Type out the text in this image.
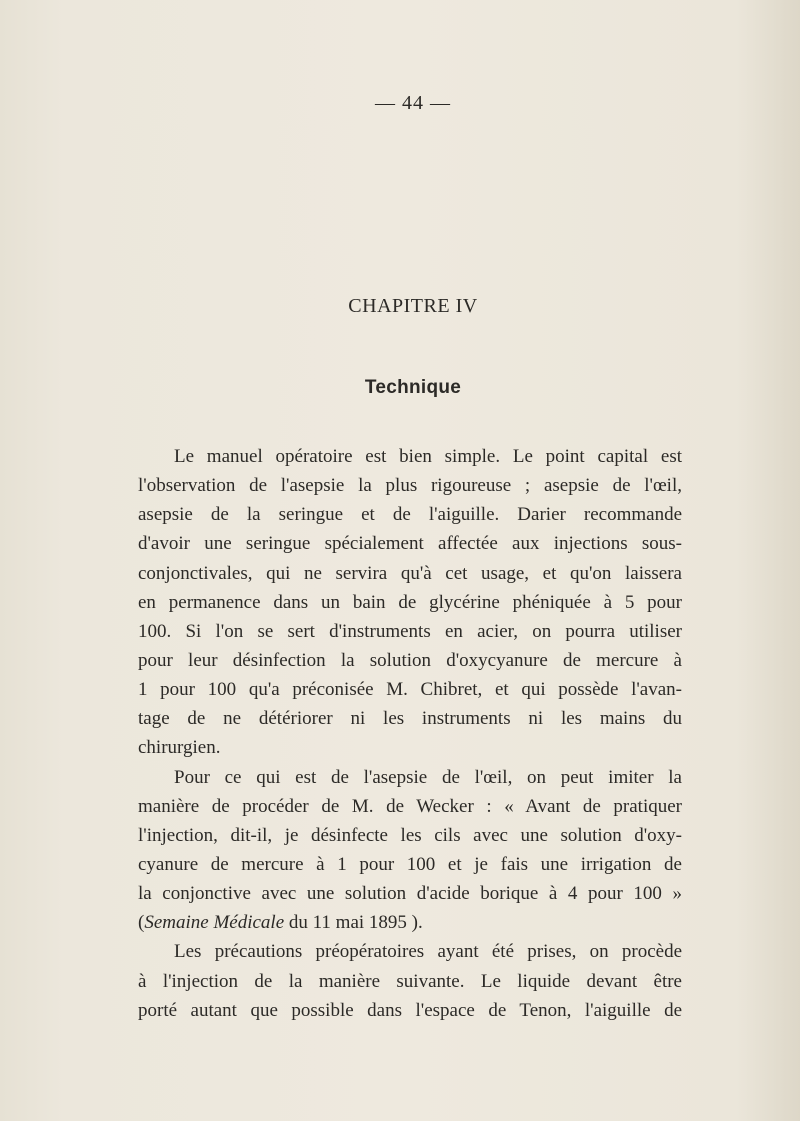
— 44 —
CHAPITRE IV
Technique
Le manuel opératoire est bien simple. Le point capital est
l'observation de l'asepsie la plus rigoureuse ; asepsie de l'œil,
asepsie de la seringue et de l'aiguille. Darier recommande
d'avoir une seringue spécialement affectée aux injections sous-
conjonctivales, qui ne servira qu'à cet usage, et qu'on laissera
en permanence dans un bain de glycérine phéniquée à 5 pour
100. Si l'on se sert d'instruments en acier, on pourra utiliser
pour leur désinfection la solution d'oxycyanure de mercure à
1 pour 100 qu'a préconisée M. Chibret, et qui possède l'avan-
tage de ne détériorer ni les instruments ni les mains du
chirurgien.
Pour ce qui est de l'asepsie de l'œil, on peut imiter la
manière de procéder de M. de Wecker : « Avant de pratiquer
l'injection, dit-il, je désinfecte les cils avec une solution d'oxy-
cyanure de mercure à 1 pour 100 et je fais une irrigation de
la conjonctive avec une solution d'acide borique à 4 pour 100 »
(Semaine Médicale du 11 mai 1895 ).
Les précautions préopératoires ayant été prises, on procède
à l'injection de la manière suivante. Le liquide devant être
porté autant que possible dans l'espace de Tenon, l'aiguille de
